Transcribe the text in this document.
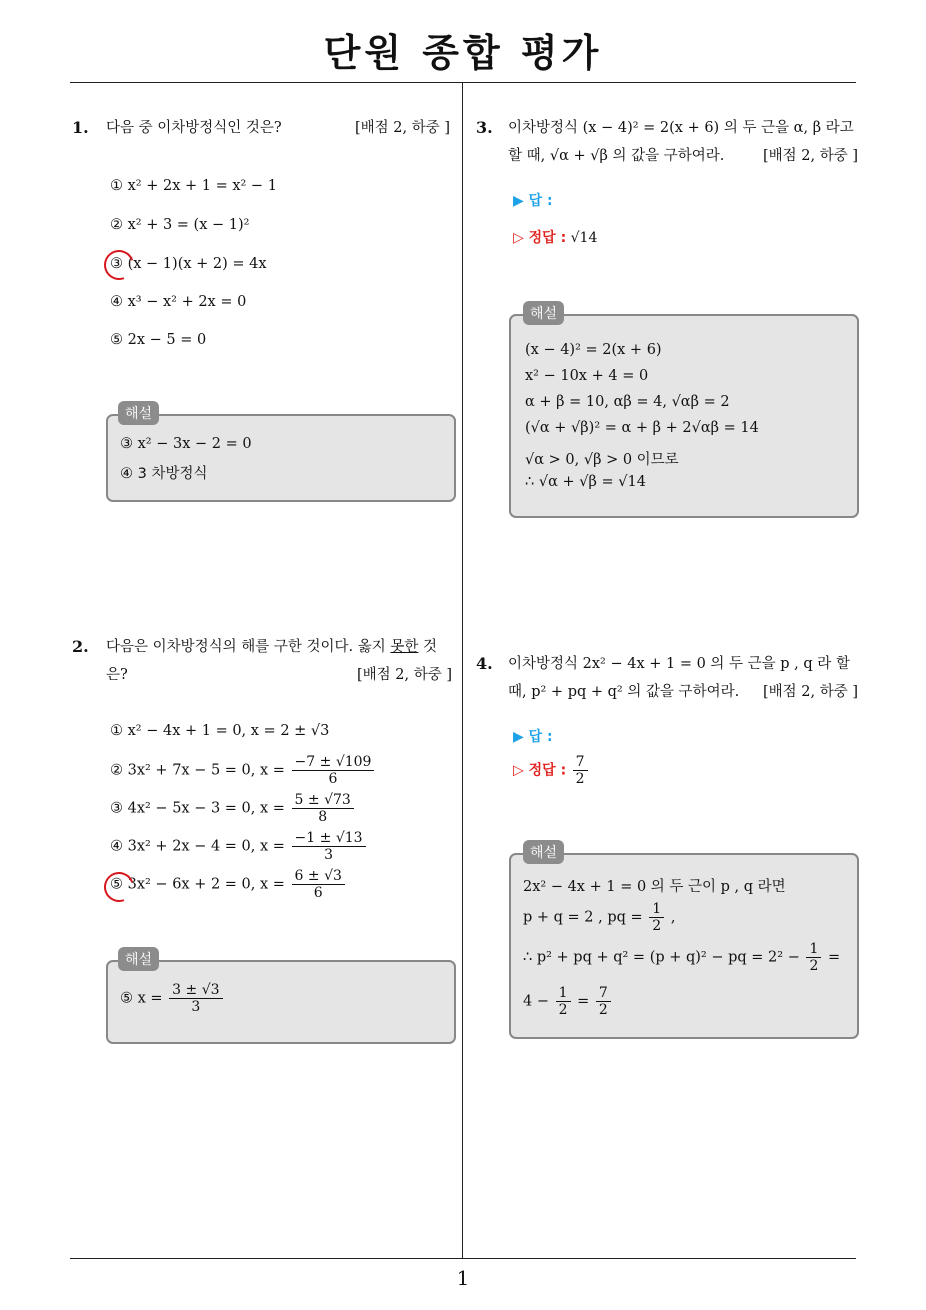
단원 종합 평가
1
1. 다음 중 이차방정식인 것은?	[배점 2, 하중 ]
① x² + 2x + 1 = x² − 1
② x² + 3 = (x − 1)²
③ (x − 1)(x + 2) = 4x
④ x³ − x² + 2x = 0
⑤ 2x − 5 = 0
③ x² − 3x − 2 = 0
④ 3 차방정식
해설
2. 다음은 이차방정식의 해를 구한 것이다. 옳지 못한 것
은?	[배점 2, 하중 ]
① x² − 4x + 1 = 0, x = 2 ± √3
② 3x² + 7x − 5 = 0, $x = \frac{-7 \pm √109}{6}$
③ 4x² − 5x − 3 = 0, $x = \frac{5 \pm √73}{8}$
④ 3x² + 2x − 4 = 0, $x = \frac{-1 \pm √13}{3}$
⑤ 3x² − 6x + 2 = 0, $x = \frac{6 \pm √3}{6}$
⑤ $x = \frac{3 \pm √3}{3}$
해설
3. 이차방정식 (x − 4)² = 2(x + 6) 의 두 근을 α, β 라고
할 때, √α + √β 의 값을 구하여라.	[배점 2, 하중 ]
▶ 답 :
▷ 정답 : √14
(x − 4)² = 2(x + 6)
x² − 10x + 4 = 0
α + β = 10, αβ = 4, √αβ = 2
(√α + √β)² = α + β + 2√αβ = 14
√α > 0, √β > 0 이므로
∴ √α + √β = √14
해설
4. 이차방정식 2x² − 4x + 1 = 0 의 두 근을 p , q 라 할
때, p² + pq + q² 의 값을 구하여라. [배점 2, 하중 ]
▶ 답 :
▷ 정답 : $\frac{7}{2}$
2x² − 4x + 1 = 0 의 두 근이 p , q 라면
p + q = 2 , pq = $\frac{1}{2}$ ,
∴ p² + pq + q² = (p + q)² − pq = $2^2 - \frac{1}{2}$ =
$4 - \frac{1}{2} = \frac{7}{2}$
해설
